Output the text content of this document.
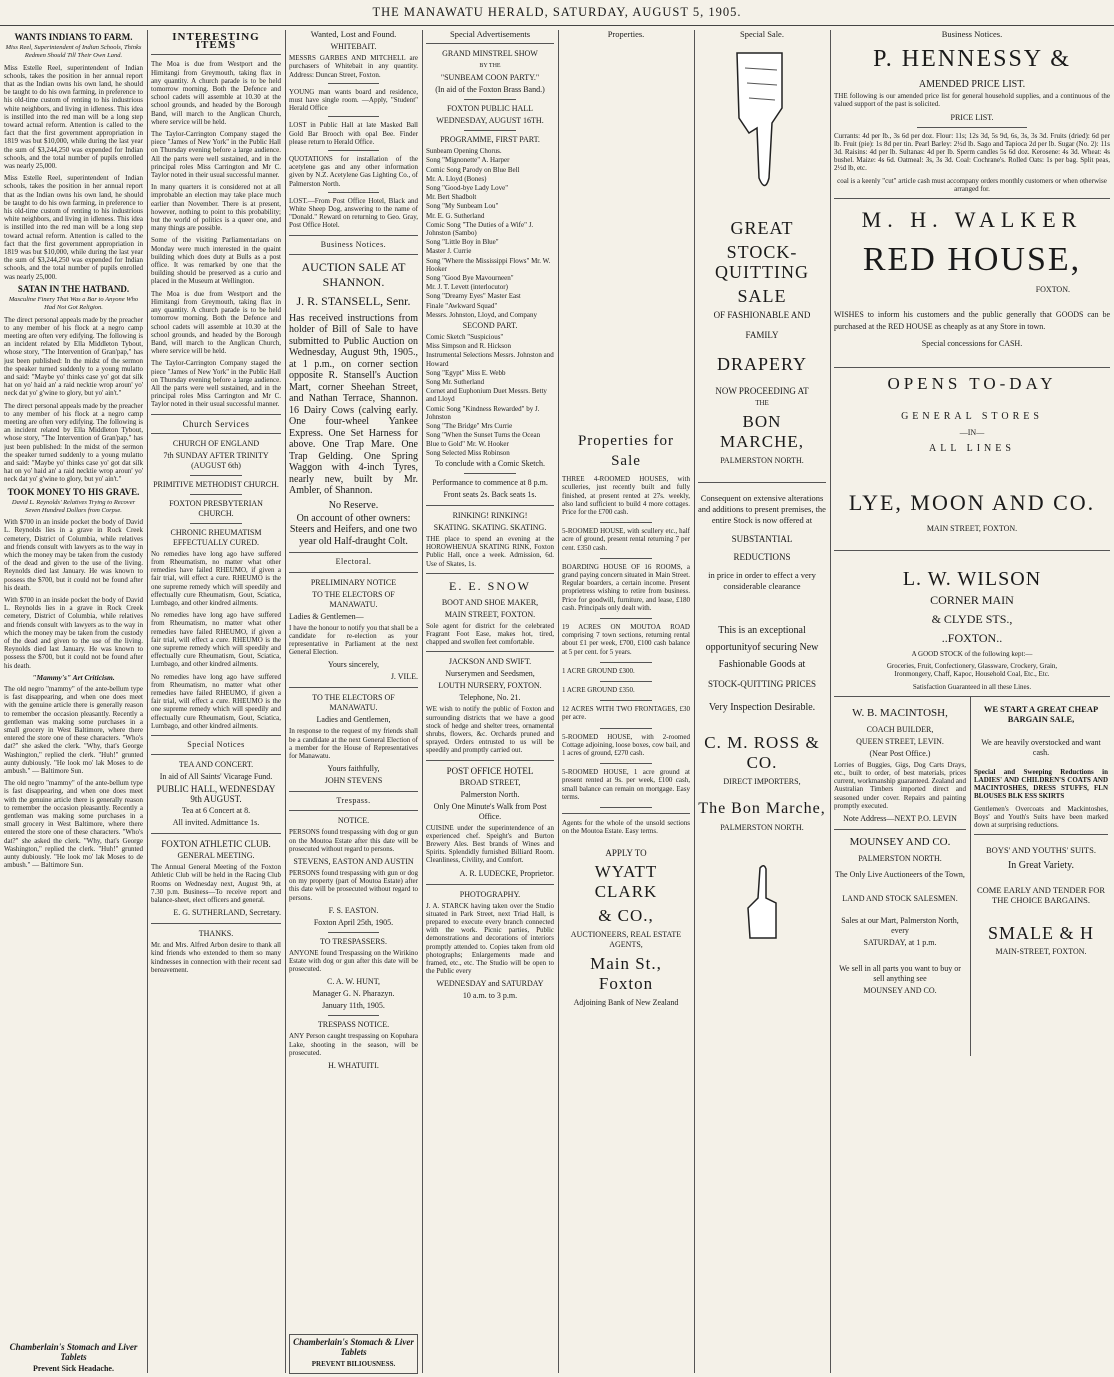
THE MANAWATU HERALD, SATURDAY, AUGUST 5, 1905.
WANTS INDIANS TO FARM.
Miss Reel, Superintendent of Indian Schools, Thinks Redmen Should Till Their Own Land.

Miss Estelle Reel, superintendent of Indian schools, takes the position in her annual report that as the Indian owns his own land, he should be taught to do his own farming, in preference to his old-time custom of renting to his industrious white neighbors, and living in idleness. This idea is instilled into the red man will be a long step toward actual reform. Attention is called to the fact that the first government appropriation in 1819 was but $10,000, while during the last year the sum of $3,244,250 was expended for Indian schools, and the total number of pupils enrolled was nearly 25,000.

Miss Estelle Reel, superintendent of Indian schools, takes the position in her annual report that as the Indian owns his own land, he should be taught to do his own farming, in preference to his old-time custom of renting to his industrious white neighbors, and living in idleness. This idea is instilled into the red man will be a long step toward actual reform. Attention is called to the fact that the first government appropriation in 1819 was but $10,000, while during the last year the sum of $3,244,250 was expended for Indian schools, and the total number of pupils enrolled was nearly 25,000.

SATAN IN THE HATBAND.
Masculine Finery That Was a Bar to Anyone Who Had Not Got Religion.

The direct personal appeals made by the preacher to any member of his flock at a negro camp meeting are often very edifying. The following is an incident related by Ella Middleton Tybout, whose story, "The Intervention of Gran'pap," has just been published: In the midst of the sermon the speaker turned suddenly to a young mulatto and said: "Maybe yo' thinks case yo' got dat silk hat on yo' haid an' a raid necktie wrop aroun' yo' neck dat yo' g'wine to glory, but yo' ain't."

The direct personal appeals made by the preacher to any member of his flock at a negro camp meeting are often very edifying. The following is an incident related by Ella Middleton Tybout, whose story, "The Intervention of Gran'pap," has just been published: In the midst of the sermon the speaker turned suddenly to a young mulatto and said: "Maybe yo' thinks case yo' got dat silk hat on yo' haid an' a raid necktie wrop aroun' yo' neck dat yo' g'wine to glory, but yo' ain't."

TOOK MONEY TO HIS GRAVE.
David L. Reynolds' Relatives Trying to Recover Seven Hundred Dollars from Corpse.

With $700 in an inside pocket the body of David L. Reynolds lies in a grave in Rock Creek cemetery, District of Columbia, while relatives and friends consult with lawyers as to the way in which the money may be taken from the custody of the dead and given to the use of the living. Reynolds died last January. He was known to possess the $700, but it could not be found after his death.

With $700 in an inside pocket the body of David L. Reynolds lies in a grave in Rock Creek cemetery, District of Columbia, while relatives and friends consult with lawyers as to the way in which the money may be taken from the custody of the dead and given to the use of the living. Reynolds died last January. He was known to possess the $700, but it could not be found after his death.

"Mammy's" Art Criticism.

The old negro "mammy" of the ante-bellum type is fast disappearing, and when one does meet with the genuine article there is generally reason to remember the occasion pleasantly. Recently a gentleman was making some purchases in a small grocery in West Baltimore, where there entered the store one of these characters. "Who's dat?" she asked the clerk. "Why, that's George Washington," replied the clerk. "Huh!" grunted aunty dubiously. "He look mo' lak Moses to de ambush." — Baltimore Sun.

The old negro "mammy" of the ante-bellum type is fast disappearing, and when one does meet with the genuine article there is generally reason to remember the occasion pleasantly. Recently a gentleman was making some purchases in a small grocery in West Baltimore, where there entered the store one of these characters. "Who's dat?" she asked the clerk. "Why, that's George Washington," replied the clerk. "Huh!" grunted aunty dubiously. "He look mo' lak Moses to de ambush." — Baltimore Sun.

Chamberlain's Stomach and Liver Tablets
Prevent Sick Headache.
INTERESTING ITEMS

The Moa is due from Westport and the Himitangi from Greymouth, taking flax in any quantity. A church parade is to be held tomorrow morning. Both the Defence and school cadets will assemble at 10.30 at the school grounds, and headed by the Borough Band, will march to the Anglican Church, where service will be held.

The Taylor-Carrington Company staged the piece "James of New York" in the Public Hall on Thursday evening before a large audience. All the parts were well sustained, and in the principal roles Miss Carrington and Mr C. Taylor noted in their usual successful manner.

In many quarters it is considered not at all improbable an election may take place much earlier than November. There is at present, however, nothing to point to this probability; but the world of politics is a queer one, and many things are possible.

Some of the visiting Parliamentarians on Monday were much interested in the quaint building which does duty at Bulls as a post office. It was remarked by one that the building should be preserved as a curio and placed in the Museum at Wellington.

The Moa is due from Westport and the Himitangi from Greymouth, taking flax in any quantity. A church parade is to be held tomorrow morning. Both the Defence and school cadets will assemble at 10.30 at the school grounds, and headed by the Borough Band, will march to the Anglican Church, where service will be held.

The Taylor-Carrington Company staged the piece "James of New York" in the Public Hall on Thursday evening before a large audience. All the parts were well sustained, and in the principal roles Miss Carrington and Mr C. Taylor noted in their usual successful manner.

Church Services
CHURCH OF ENGLAND
7th SUNDAY AFTER TRINITY (AUGUST 6th)
PRIMITIVE METHODIST CHURCH.
FOXTON PRESBYTERIAN CHURCH.
CHRONIC RHEUMATISM EFFECTUALLY CURED.

No remedies have long ago have suffered from Rheumatism, no matter what other remedies have failed RHEUMO, if given a fair trial, will effect a cure. RHEUMO is the one supreme remedy which will speedily and effectually cure Rheumatism, Gout, Sciatica, Lumbago, and other kindred ailments.

No remedies have long ago have suffered from Rheumatism, no matter what other remedies have failed RHEUMO, if given a fair trial, will effect a cure. RHEUMO is the one supreme remedy which will speedily and effectually cure Rheumatism, Gout, Sciatica, Lumbago, and other kindred ailments.

No remedies have long ago have suffered from Rheumatism, no matter what other remedies have failed RHEUMO, if given a fair trial, will effect a cure. RHEUMO is the one supreme remedy which will speedily and effectually cure Rheumatism, Gout, Sciatica, Lumbago, and other kindred ailments.

Special Notices
TEA AND CONCERT.
In aid of All Saints' Vicarage Fund.
PUBLIC HALL, WEDNESDAY 9th AUGUST.
Tea at 6 Concert at 8.
All invited. Admittance 1s.
FOXTON ATHLETIC CLUB.
GENERAL MEETING.

The Annual General Meeting of the Foxton Athletic Club will be held in the Racing Club Rooms on Wednesday next, August 9th, at 7.30 p.m. Business—To receive report and balance-sheet, elect officers and general.

E. G. SUTHERLAND, Secretary.
THANKS.

Mr. and Mrs. Alfred Arbon desire to thank all kind friends who extended to them so many kindnesses in connection with their recent sad bereavement.

Wanted, Lost and Found.
WHITEBAIT.

MESSRS GARBES AND MITCHELL are purchasers of Whitebait in any quantity. Address: Duncan Street, Foxton.

YOUNG man wants board and residence, must have single room. —Apply, "Student" Herald Office

LOST in Public Hall at late Masked Ball Gold Bar Brooch with opal Bee. Finder please return to Herald Office.

QUOTATIONS for installation of the acetylene gas and any other information given by N.Z. Acetylene Gas Lighting Co., of Palmerston North.

LOST.—From Post Office Hotel, Black and White Sheep Dog, answering to the name of "Donald." Reward on returning to Geo. Gray, Post Office Hotel.

Business Notices.
AUCTION SALE AT SHANNON.
J. R. STANSELL, Senr.

Has received instructions from holder of Bill of Sale to have submitted to Public Auction on Wednesday, August 9th, 1905., at 1 p.m., on corner section opposite R. Stansell's Auction Mart, corner Sheehan Street, and Nathan Terrace, Shannon. 16 Dairy Cows (calving early. One four-wheel Yankee Express. One Set Harness for above. One Trap Mare. One Trap Gelding. One Spring Waggon with 4-inch Tyres, nearly new, built by Mr. Ambler, of Shannon.

No Reserve.

On account of other owners: Steers and Heifers, and one two year old Half-draught Colt.

Electoral.
PRELIMINARY NOTICE
TO THE ELECTORS OF MANAWATU.
Ladies & Gentlemen—

I have the honour to notify you that shall be a candidate for re-election as your representative in Parliament at the next General Election.

Yours sincerely,
J. VILE.
TO THE ELECTORS OF MANAWATU.
Ladies and Gentlemen,

In response to the request of my friends shall be a candidate at the next General Election of a member for the House of Representatives for Manawatu.

Yours faithfully,
JOHN STEVENS
Trespass.
NOTICE.

PERSONS found trespassing with dog or gun on the Moutoa Estate after this date will be prosecuted without regard to persons.

STEVENS, EASTON AND AUSTIN

PERSONS found trespassing with gun or dog on my property (part of Moutoa Estate) after this date will be prosecuted without regard to persons.

F. S. EASTON.
Foxton April 25th, 1905.
TO TRESPASSERS.

ANYONE found Trespassing on the Wirikino Estate with dog or gun after this date will be prosecuted.

C. A. W. HUNT,
Manager G. N. Pharazyn.
January 11th, 1905.
TRESPASS NOTICE.

ANY Person caught trespassing on Kopuhara Lake, shooting in the season, will be prosecuted.

H. WHATUITI.
Chamberlain's Stomach & Liver Tablets
PREVENT BILIOUSNESS.
Special Advertisements
GRAND MINSTREL SHOW
BY THE
"SUNBEAM COON PARTY."
(In aid of the Foxton Brass Band.)
FOXTON PUBLIC HALL
WEDNESDAY, AUGUST 16TH.
PROGRAMME, FIRST PART.
Sunbeam Opening Chorus.
Song "Mignonette" A. Harper
Comic Song Parody on Blue Bell
Mr. A. Lloyd (Bones)
Song "Good-bye Lady Love"
Mr. Bert Shadbolt
Song "My Sunbeam Lou"
Mr. E. G. Sutherland
Comic Song "The Duties of a Wife" J. Johnston (Sambo)
Song "Little Boy in Blue"
Master J. Currie
Song "Where the Mississippi Flows" Mr. W. Hooker
Song "Good Bye Mavourneen"
Mr. J. T. Levett (interlocutor)
Song "Dreamy Eyes" Master East
Finale "Awkward Squad"
Messrs. Johnston, Lloyd, and Company
SECOND PART.
Comic Sketch "Suspicious"
Miss Simpson and R. Hickson
Instrumental Selections Messrs. Johnston and Howard
Song "Egypt" Miss E. Webb
Song Mr. Sutherland
Cornet and Euphonium Duet Messrs. Betty and Lloyd
Comic Song "Kindness Rewarded" by J. Johnston
Song "The Bridge" Mrs Currie
Song "When the Sunset Turns the Ocean Blue to Gold" Mr. W. Hooker
Song Selected Miss Robinson
To conclude with a Comic Sketch.
Performance to commence at 8 p.m.
Front seats 2s. Back seats 1s.
RINKING! RINKING!
SKATING. SKATING. SKATING.

THE place to spend an evening at the HOROWHENUA SKATING RINK, Foxton Public Hall, once a week. Admission, 6d. Use of Skates, 1s.

E. E. SNOW
BOOT AND SHOE MAKER,
MAIN STREET, FOXTON.

Sole agent for district for the celebrated Fragrant Foot Ease, makes hot, tired, chapped and swollen feet comfortable.

JACKSON AND SWIFT.
Nurserymen and Seedsmen,
LOUTH NURSERY, FOXTON.
Telephone, No. 21.

WE wish to notify the public of Foxton and surrounding districts that we have a good stock of hedge and shelter trees, ornamental shrubs, flowers, &c. Orchards pruned and sprayed. Orders entrusted to us will be speedily and promptly carried out.

POST OFFICE HOTEL
BROAD STREET,
Palmerston North.
Only One Minute's Walk from Post Office.

CUISINE under the superintendence of an experienced chef. Speight's and Burton Brewery Ales. Best brands of Wines and Spirits. Splendidly furnished Billiard Room. Cleanliness, Civility, and Comfort.

A. R. LUDECKE, Proprietor.
PHOTOGRAPHY.

J. A. STARCK having taken over the Studio situated in Park Street, next Triad Hall, is prepared to execute every branch connected with the work. Picnic parties, Public demonstrations and decorations of interiors promptly attended to. Copies taken from old photographs; Enlargements made and framed, etc., etc. The Studio will be open to the Public every

WEDNESDAY and SATURDAY
10 a.m. to 3 p.m.
Properties.
Properties for Sale
THREE 4-ROOMED HOUSES, with sculleries, just recently built and fully finished, at present rented at 27s. weekly, also land sufficient to build 4 more cottages. Price for the £700 cash.
5-ROOMED HOUSE, with scullery etc., half acre of ground, present rental returning 7 per cent. £350 cash.
BOARDING HOUSE OF 16 ROOMS, a grand paying concern situated in Main Street. Regular boarders, a certain income. Present proprietress wishing to retire from business. Price for goodwill, furniture, and lease, £180 cash. Principals only dealt with.
19 ACRES ON MOUTOA ROAD comprising 7 town sections, returning rental about £1 per week, £700, £100 cash balance at 5 per cent. for 5 years.
1 ACRE GROUND £300.
1 ACRE GROUND £350.
12 ACRES WITH TWO FRONTAGES, £30 per acre.
5-ROOMED HOUSE, with 2-roomed Cottage adjoining, loose boxes, cow bail, and 1 acres of ground, £270 cash.
5-ROOMED HOUSE, 1 acre ground at present rented at 9s. per week, £100 cash, small balance can remain on mortgage. Easy terms.

Agents for the whole of the unsold sections on the Moutoa Estate. Easy terms.

APPLY TO
WYATT CLARK
& CO.,
AUCTIONEERS, REAL ESTATE AGENTS,
Main St., Foxton
Adjoining Bank of New Zealand
Special Sale.
GREAT
STOCK-QUITTING
SALE
OF FASHIONABLE AND
FAMILY
DRAPERY
NOW PROCEEDING AT
THE
BON MARCHE,
PALMERSTON NORTH.

Consequent on extensive alterations and additions to present premises, the entire Stock is now offered at

SUBSTANTIAL
REDUCTIONS

in price in order to effect a very considerable clearance

This is an exceptional opportunityof securing New Fashionable Goods at

STOCK-QUITTING PRICES

Very Inspection Desirable.

C. M. ROSS & CO.
DIRECT IMPORTERS,
The Bon Marche,
PALMERSTON NORTH.
Business Notices.
P. HENNESSY &
AMENDED PRICE LIST.

THE following is our amended price list for general household supplies, and a continuous of the valued support of the past is solicited.

PRICE LIST.

Currants: 4d per lb., 3s 6d per doz. Flour: 11s; 12s 3d, 5s 9d, 6s, 3s, 3s 3d. Fruits (dried): 6d per lb. Fruit (pie): 1s 8d per tin. Pearl Barley: 2½d lb. Sago and Tapioca 2d per lb. Sugar (No. 2): 11s 3d. Raisins: 4d per lb. Sultanas: 4d per lb. Sperm candles 5s 6d doz. Kerosene: 4s 3d. Wheat: 4s bushel. Maize: 4s 6d. Oatmeal: 3s, 3s 3d. Coal: Cochrane's. Rolled Oats: 1s per bag. Split peas, 2½d lb, etc.

coal is a keenly "cut" article cash must accompany orders monthly customers or when otherwise arranged for.

M. H. WALKER
RED HOUSE,
FOXTON.

WISHES to inform his customers and the public generally that GOODS can be purchased at the RED HOUSE as cheaply as at any Store in town.

Special concessions for CASH.
OPENS TO-DAY
GENERAL STORES
—IN—
ALL LINES
LYE, MOON AND CO.
MAIN STREET, FOXTON.
L. W. WILSON
CORNER MAIN
& CLYDE STS.,
..FOXTON..

A GOOD STOCK of the following kept:—

Groceries, Fruit, Confectionery, Glassware, Crockery, Grain, Ironmongery, Chaff, Kapoc, Household Coal, Etc., Etc.

Satisfaction Guaranteed in all these Lines.

W. B. MACINTOSH,
COACH BUILDER,
QUEEN STREET, LEVIN.
(Near Post Office.)

Lorries of Buggies, Gigs, Dog Carts Drays, etc., built to order, of best materials, prices current, workmanship guaranteed. Zealand and Australian Timbers imported direct and seasoned under cover. Repairs and painting promptly executed.

Note Address—NEXT P.O. LEVIN
MOUNSEY AND CO.
PALMERSTON NORTH.
The Only Live Auctioneers of the Town,
LAND AND STOCK SALESMEN.
Sales at our Mart, Palmerston North, every
SATURDAY, at 1 p.m.
We sell in all parts you want to buy or sell anything see
MOUNSEY AND CO.
WE START A GREAT CHEAP BARGAIN SALE,
We are heavily overstocked and want cash.

Special and Sweeping Reductions in LADIES' AND CHILDREN'S COATS AND MACINTOSHES, DRESS STUFFS, FLN BLOUSES BLK ESS SKIRTS

Gentlemen's Overcoats and Mackintoshes, Boys' and Youth's Suits have been marked down at surprising reductions.

BOYS' AND YOUTHS' SUITS.
In Great Variety.
COME EARLY AND TENDER FOR THE CHOICE BARGAINS.
SMALE & H
MAIN-STREET, FOXTON.
